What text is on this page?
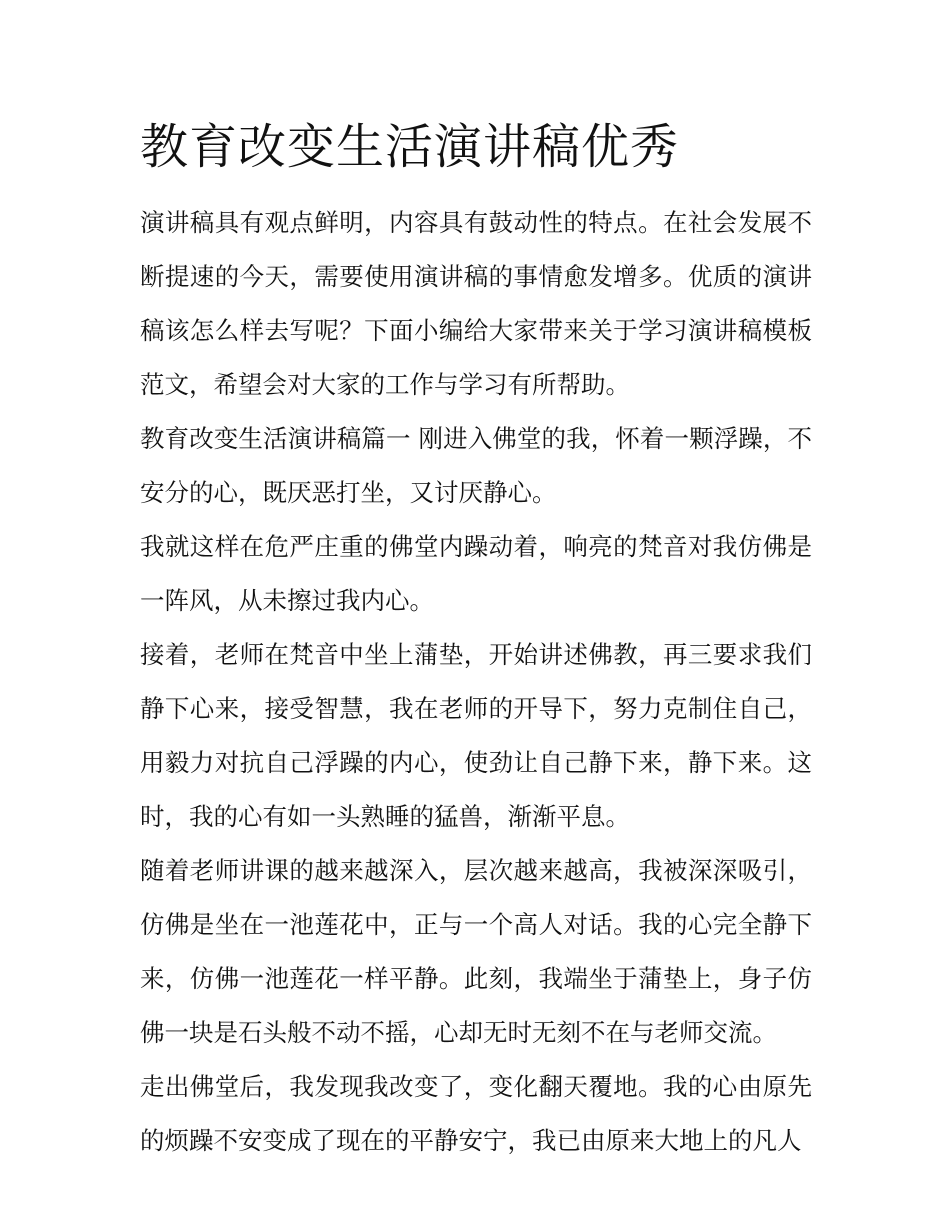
教育改变生活演讲稿优秀

演讲稿具有观点鲜明，内容具有鼓动性的特点。在社会发展不断提速的今天，需要使用演讲稿的事情愈发增多。优质的演讲稿该怎么样去写呢？下面小编给大家带来关于学习演讲稿模板范文，希望会对大家的工作与学习有所帮助。

教育改变生活演讲稿篇一 刚进入佛堂的我，怀着一颗浮躁，不安分的心，既厌恶打坐，又讨厌静心。

我就这样在危严庄重的佛堂内躁动着，响亮的梵音对我仿佛是一阵风，从未擦过我内心。

接着，老师在梵音中坐上蒲垫，开始讲述佛教，再三要求我们静下心来，接受智慧，我在老师的开导下，努力克制住自己，用毅力对抗自己浮躁的内心，使劲让自己静下来，静下来。这时，我的心有如一头熟睡的猛兽，渐渐平息。

随着老师讲课的越来越深入，层次越来越高，我被深深吸引，仿佛是坐在一池莲花中，正与一个高人对话。我的心完全静下来，仿佛一池莲花一样平静。此刻，我端坐于蒲垫上，身子仿佛一块是石头般不动不摇，心却无时无刻不在与老师交流。

走出佛堂后，我发现我改变了，变化翻天覆地。我的心由原先的烦躁不安变成了现在的平静安宁，我已由原来大地上的凡人
